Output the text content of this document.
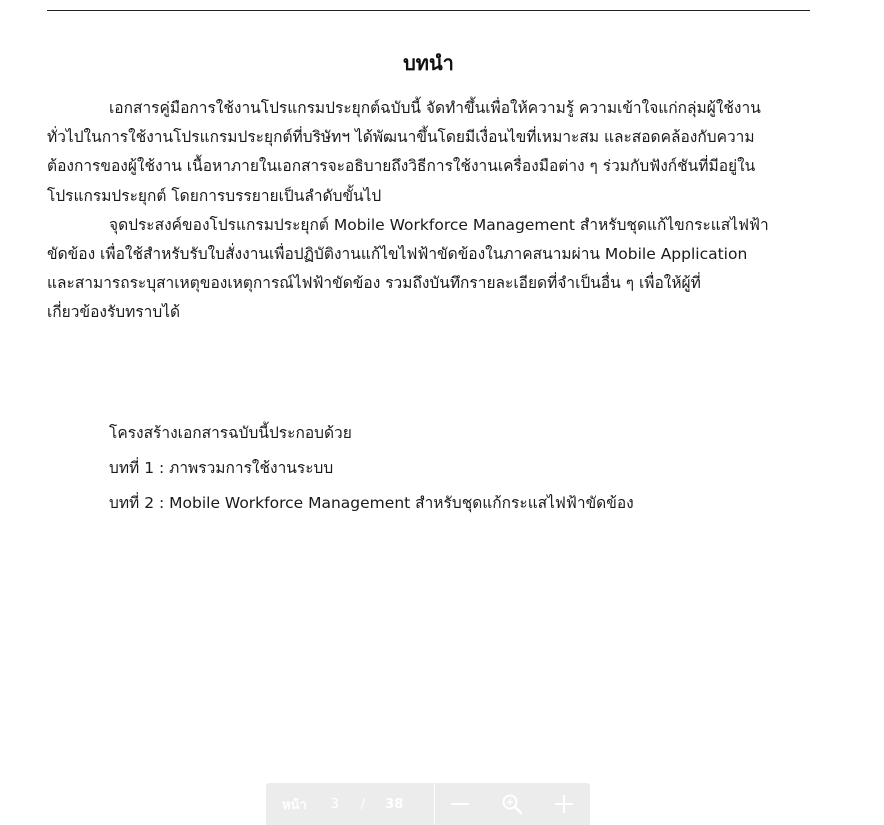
บทนำ
เอกสารคู่มือการใช้งานโปรแกรมประยุกต์ฉบับนี้ จัดทำขึ้นเพื่อให้ความรู้ ความเข้าใจแก่กลุ่มผู้ใช้งาน
ทั่วไปในการใช้งานโปรแกรมประยุกต์ที่บริษัทฯ ได้พัฒนาขึ้นโดยมีเงื่อนไขที่เหมาะสม และสอดคล้องกับความ
ต้องการของผู้ใช้งาน เนื้อหาภายในเอกสารจะอธิบายถึงวิธีการใช้งานเครื่องมือต่าง ๆ ร่วมกับฟังก์ชันที่มีอยู่ใน
โปรแกรมประยุกต์ โดยการบรรยายเป็นลำดับขั้นไป
จุดประสงค์ของโปรแกรมประยุกต์ Mobile Workforce Management สำหรับชุดแก้ไขกระแสไฟฟ้า
ขัดข้อง เพื่อใช้สำหรับรับใบสั่งงานเพื่อปฏิบัติงานแก้ไขไฟฟ้าขัดข้องในภาคสนามผ่าน Mobile Application
และสามารถระบุสาเหตุของเหตุการณ์ไฟฟ้าขัดข้อง รวมถึงบันทึกรายละเอียดที่จำเป็นอื่น ๆ เพื่อให้ผู้ที่
เกี่ยวข้องรับทราบได้
โครงสร้างเอกสารฉบับนี้ประกอบด้วย
บทที่ 1 : ภาพรวมการใช้งานระบบ
บทที่ 2 : Mobile Workforce Management สำหรับชุดแก้กระแสไฟฟ้าขัดข้อง
หน้า 3 / 38
